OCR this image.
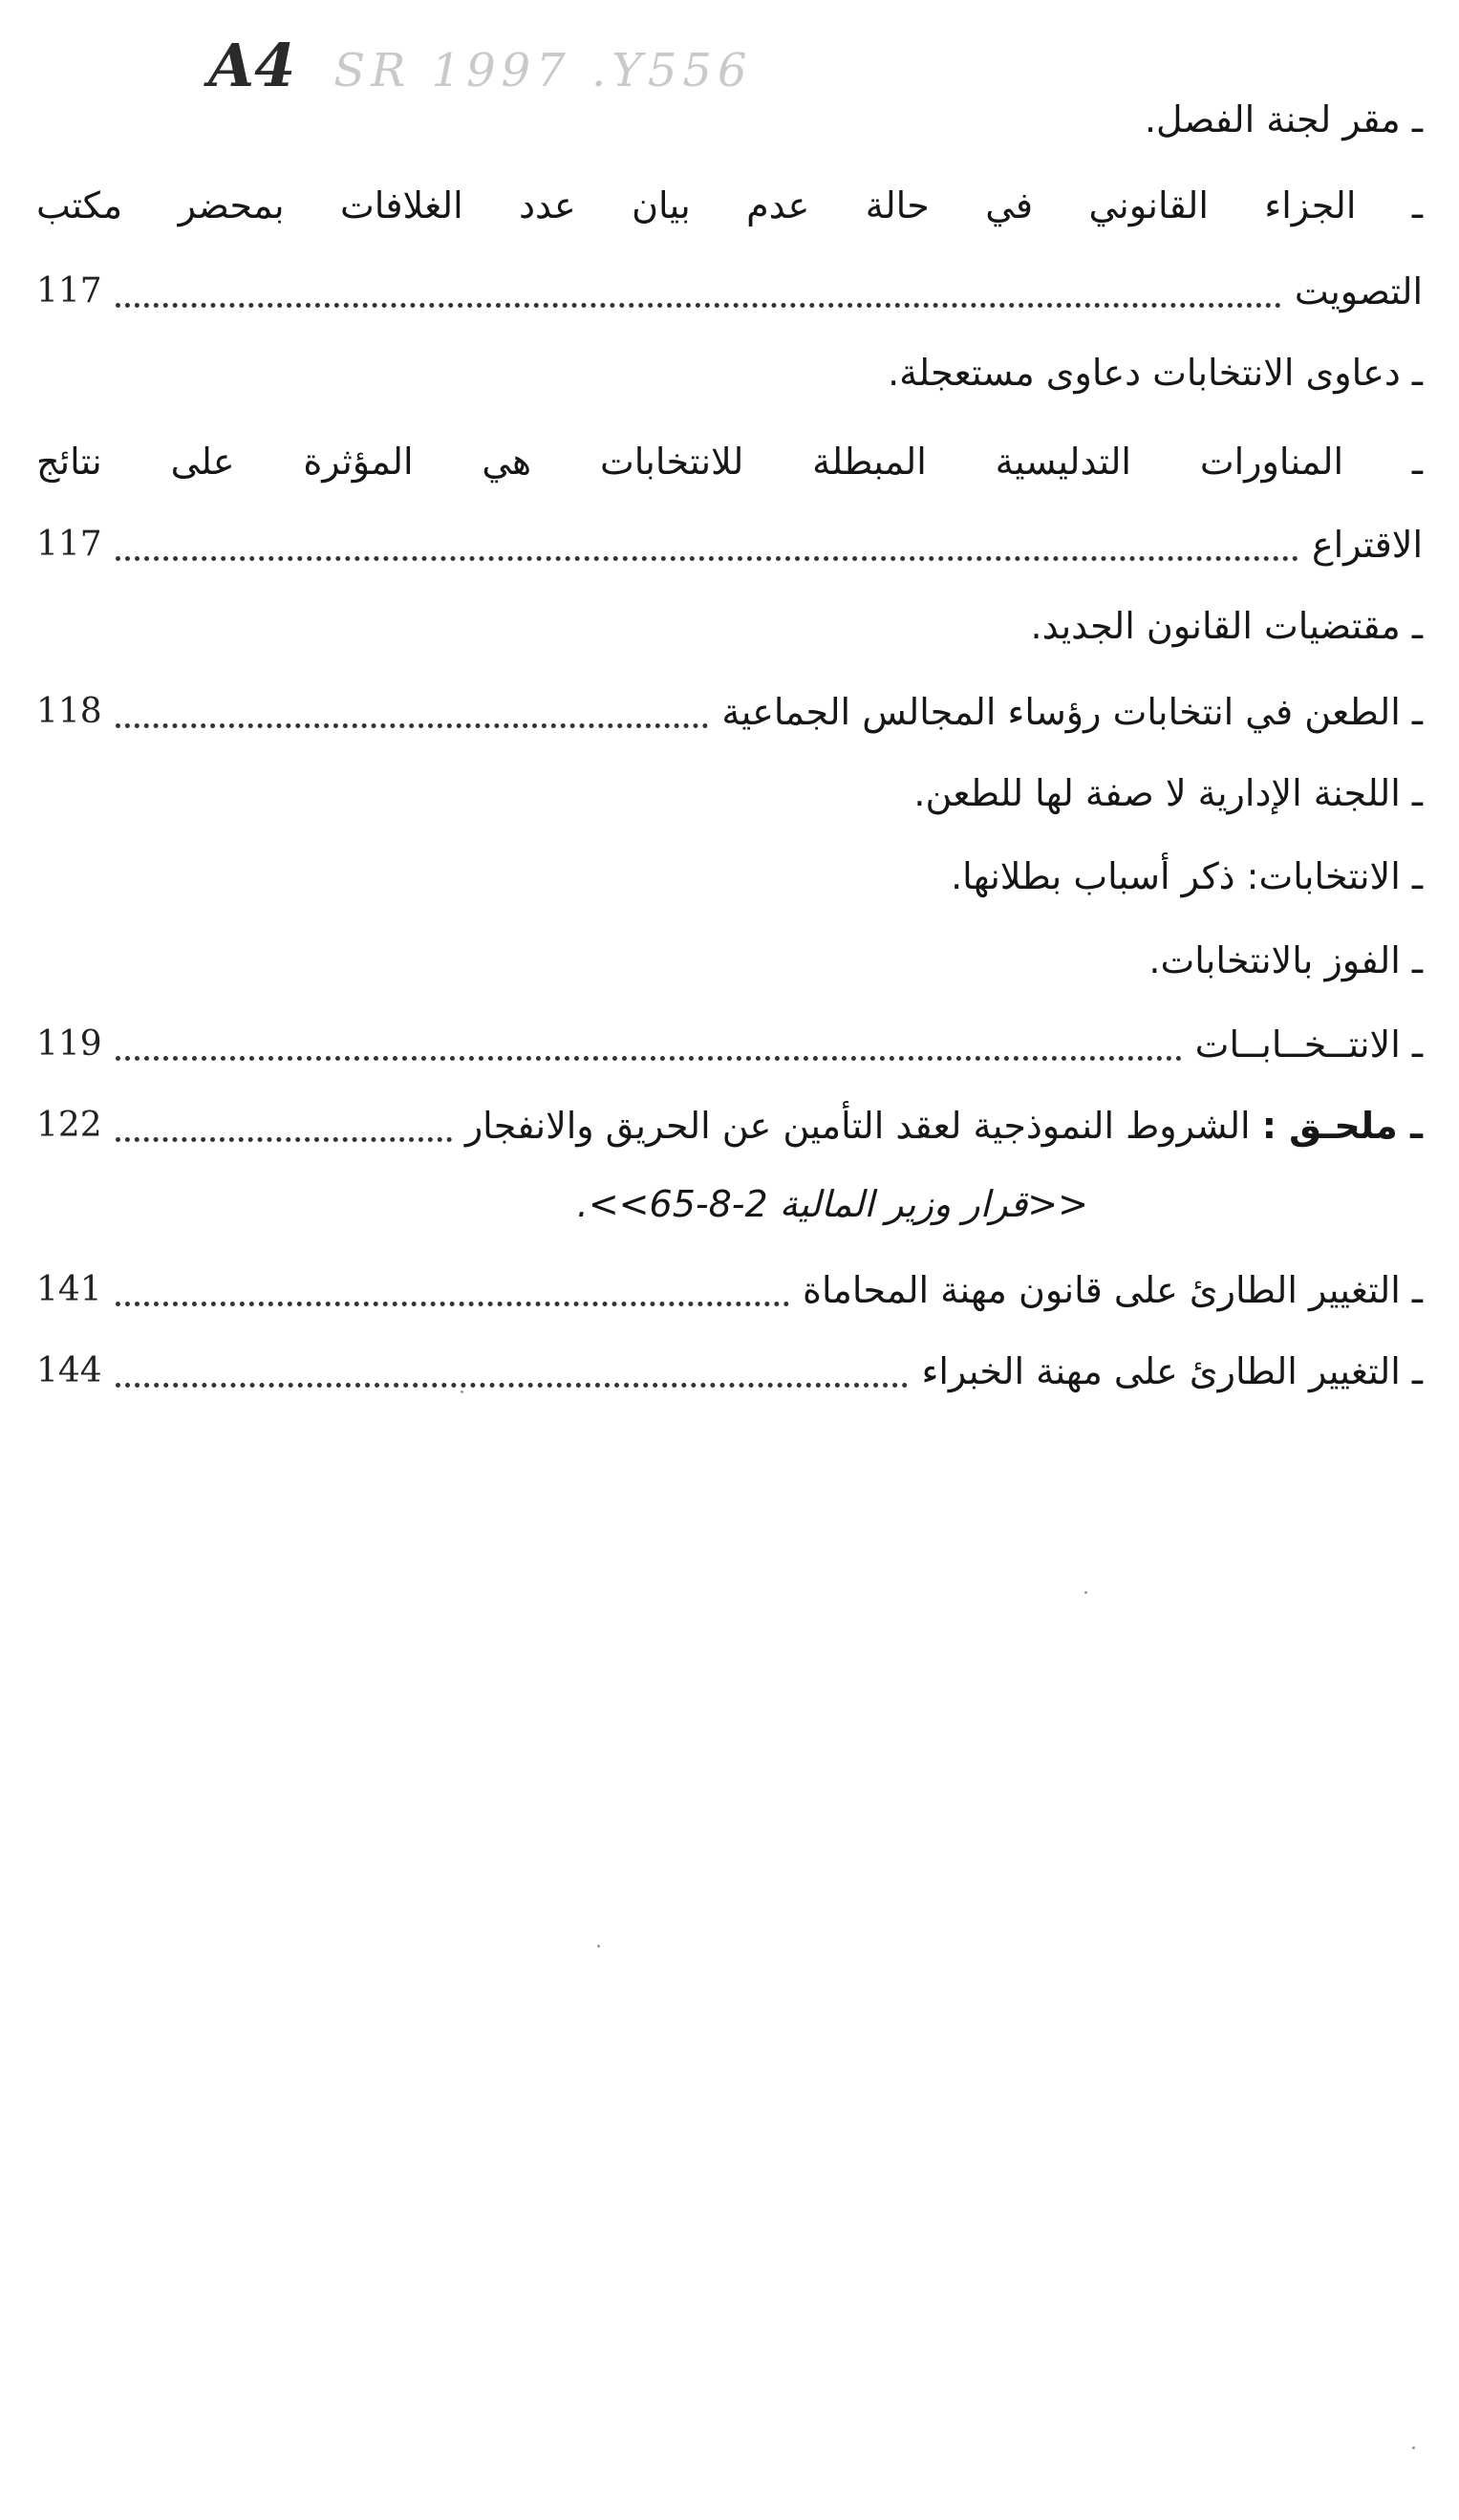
A4 SR 1997 .Y556
ـ مقر لجنة الفصل.
ـ الجزاء القانوني في حالة عدم بيان عدد الغلافات بمحضر مكتب
التصويت
117
ـ دعاوى الانتخابات دعاوى مستعجلة.
ـ المناورات التدليسية المبطلة للانتخابات هي المؤثرة على نتائج
الاقتراع
117
ـ مقتضيات القانون الجديد.
ـ الطعن في انتخابات رؤساء المجالس الجماعية
118
ـ اللجنة الإدارية لا صفة لها للطعن.
ـ الانتخابات: ذكر أسباب بطلانها.
ـ الفوز بالانتخابات.
ـ الانتــخــابــات
119
ـ ملحـق : الشروط النموذجية لعقد التأمين عن الحريق والانفجار
122
<<قرار وزير المالية 2-8-65>>.
ـ التغيير الطارئ على قانون مهنة المحاماة
141
ـ التغيير الطارئ على مهنة الخبراء
144
